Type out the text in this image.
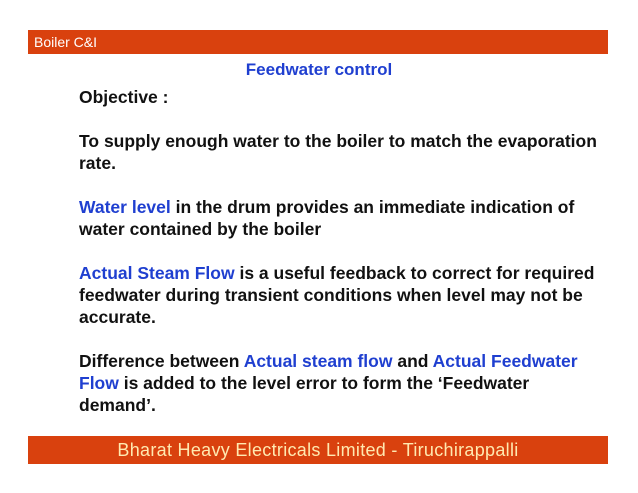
Boiler C&I
Feedwater control

Objective :

To supply enough water to the boiler to match the evaporation rate.

Water level in the drum provides an immediate indication of water contained by the boiler

Actual Steam Flow is a useful feedback to correct for required feedwater during transient conditions when level may not be accurate.

Difference between Actual steam flow and Actual Feedwater Flow is added to the level error to form the ‘Feedwater demand’.

Bharat Heavy Electricals Limited - Tiruchirappalli
